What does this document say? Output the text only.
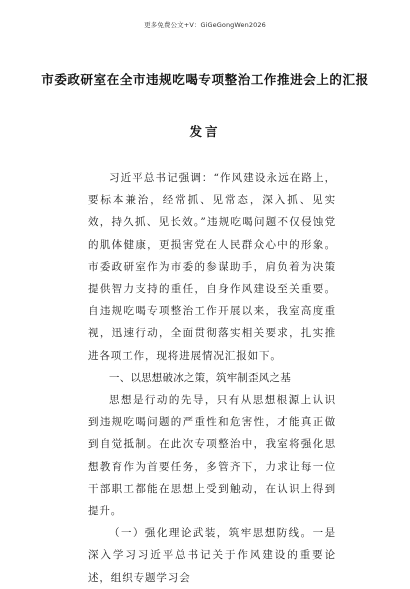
更多免费公文+V：GiGeGongWen2026
市委政研室在全市违规吃喝专项整治工作推进会上的汇报
发言

习近平总书记强调：“作风建设永远在路上，要标本兼治，经常抓、见常态，深入抓、见实效，持久抓、见长效。”违规吃喝问题不仅侵蚀党的肌体健康，更损害党在人民群众心中的形象。市委政研室作为市委的参谋助手，肩负着为决策提供智力支持的重任，自身作风建设至关重要。自违规吃喝专项整治工作开展以来，我室高度重视，迅速行动，全面贯彻落实相关要求，扎实推进各项工作，现将进展情况汇报如下。

一、以思想破冰之策，筑牢制歪风之基

思想是行动的先导，只有从思想根源上认识到违规吃喝问题的严重性和危害性，才能真正做到自觉抵制。在此次专项整治中，我室将强化思想教育作为首要任务，多管齐下，力求让每一位干部职工都能在思想上受到触动，在认识上得到提升。

（一）强化理论武装，筑牢思想防线。一是深入学习习近平总书记关于作风建设的重要论述，组织专题学习会
